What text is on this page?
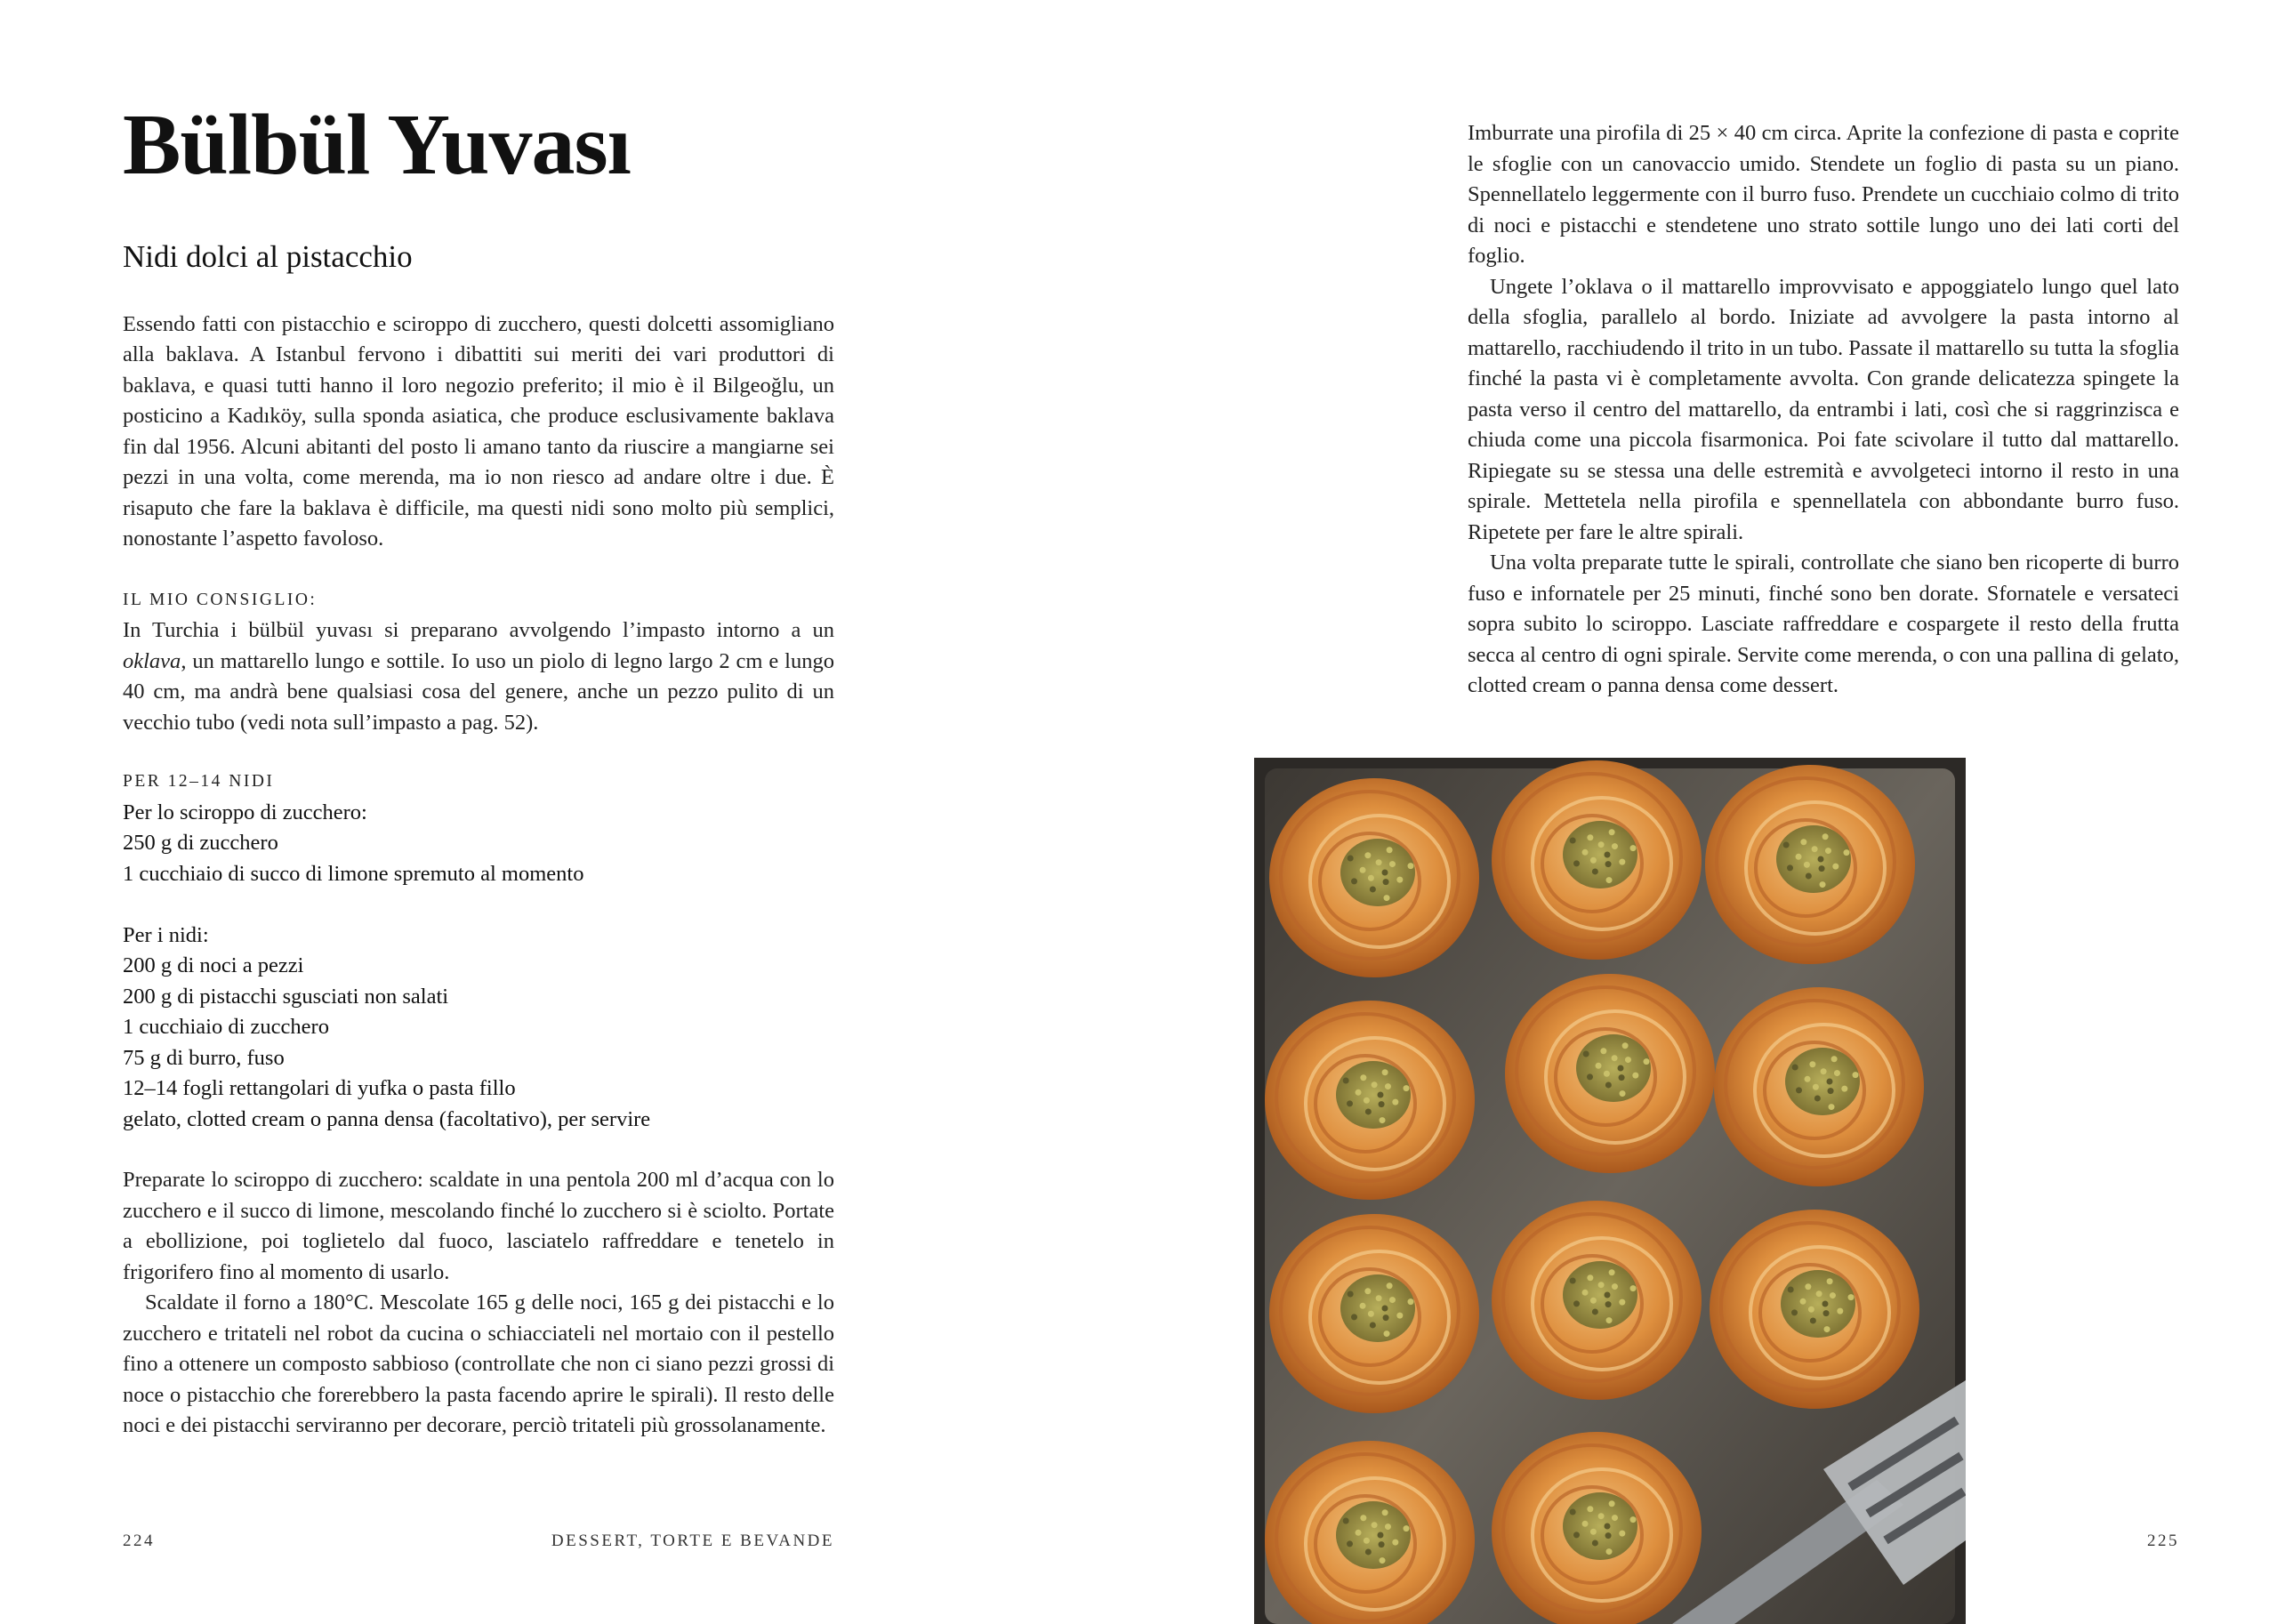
Bülbül Yuvası
Nidi dolci al pistacchio

Essendo fatti con pistacchio e sciroppo di zucchero, questi dolcetti assomigliano alla baklava. A Istanbul fervono i dibattiti sui meriti dei vari produttori di baklava, e quasi tutti hanno il loro negozio preferito; il mio è il Bilgeoğlu, un posticino a Kadıköy, sulla sponda asiatica, che produce esclusivamente baklava fin dal 1956. Alcuni abitanti del posto li amano tanto da riuscire a mangiarne sei pezzi in una volta, come merenda, ma io non riesco ad andare oltre i due. È risaputo che fare la baklava è difficile, ma questi nidi sono molto più semplici, nonostante l’aspetto favoloso.

IL MIO CONSIGLIO:

In Turchia i bülbül yuvası si preparano avvolgendo l’impasto intorno a un oklava, un mattarello lungo e sottile. Io uso un piolo di legno largo 2 cm e lungo 40 cm, ma andrà bene qualsiasi cosa del genere, anche un pezzo pulito di un vecchio tubo (vedi nota sull’impasto a pag. 52).

PER 12–14 NIDI
Per lo sciroppo di zucchero:
250 g di zucchero
1 cucchiaio di succo di limone spremuto al momento
Per i nidi:
200 g di noci a pezzi
200 g di pistacchi sgusciati non salati
1 cucchiaio di zucchero
75 g di burro, fuso
12–14 fogli rettangolari di yufka o pasta fillo
gelato, clotted cream o panna densa (facoltativo), per servire

Preparate lo sciroppo di zucchero: scaldate in una pentola 200 ml d’acqua con lo zucchero e il succo di limone, mescolando finché lo zucchero si è sciolto. Portate a ebollizione, poi toglietelo dal fuoco, lasciatelo raffreddare e tenetelo in frigorifero fino al momento di usarlo.

Scaldate il forno a 180°C. Mescolate 165 g delle noci, 165 g dei pistacchi e lo zucchero e tritateli nel robot da cucina o schiacciateli nel mortaio con il pestello fino a ottenere un composto sabbioso (controllate che non ci siano pezzi grossi di noce o pistacchio che forerebbero la pasta facendo aprire le spirali). Il resto delle noci e dei pistacchi serviranno per decorare, perciò tritateli più grossolanamente.

224	DESSERT, TORTE E BEVANDE

Imburrate una pirofila di 25 × 40 cm circa. Aprite la confezione di pasta e coprite le sfoglie con un canovaccio umido. Stendete un foglio di pasta su un piano. Spennellatelo leggermente con il burro fuso. Prendete un cucchiaio colmo di trito di noci e pistacchi e stendetene uno strato sottile lungo uno dei lati corti del foglio.

Ungete l’oklava o il mattarello improvvisato e appoggiatelo lungo quel lato della sfoglia, parallelo al bordo. Iniziate ad avvolgere la pasta intorno al mattarello, racchiudendo il trito in un tubo. Passate il mattarello su tutta la sfoglia finché la pasta vi è completamente avvolta. Con grande delicatezza spingete la pasta verso il centro del mattarello, da entrambi i lati, così che si raggrinzisca e chiuda come una piccola fisarmonica. Poi fate scivolare il tutto dal mattarello. Ripiegate su se stessa una delle estremità e avvolgeteci intorno il resto in una spirale. Mettetela nella pirofila e spennellatela con abbondante burro fuso. Ripetete per fare le altre spirali.

Una volta preparate tutte le spirali, controllate che siano ben ricoperte di burro fuso e infornatele per 25 minuti, finché sono ben dorate. Sfornatele e versateci sopra subito lo sciroppo. Lasciate raffreddare e cospargete il resto della frutta secca al centro di ogni spirale. Servite come merenda, o con una pallina di gelato, clotted cream o panna densa come dessert.

225
